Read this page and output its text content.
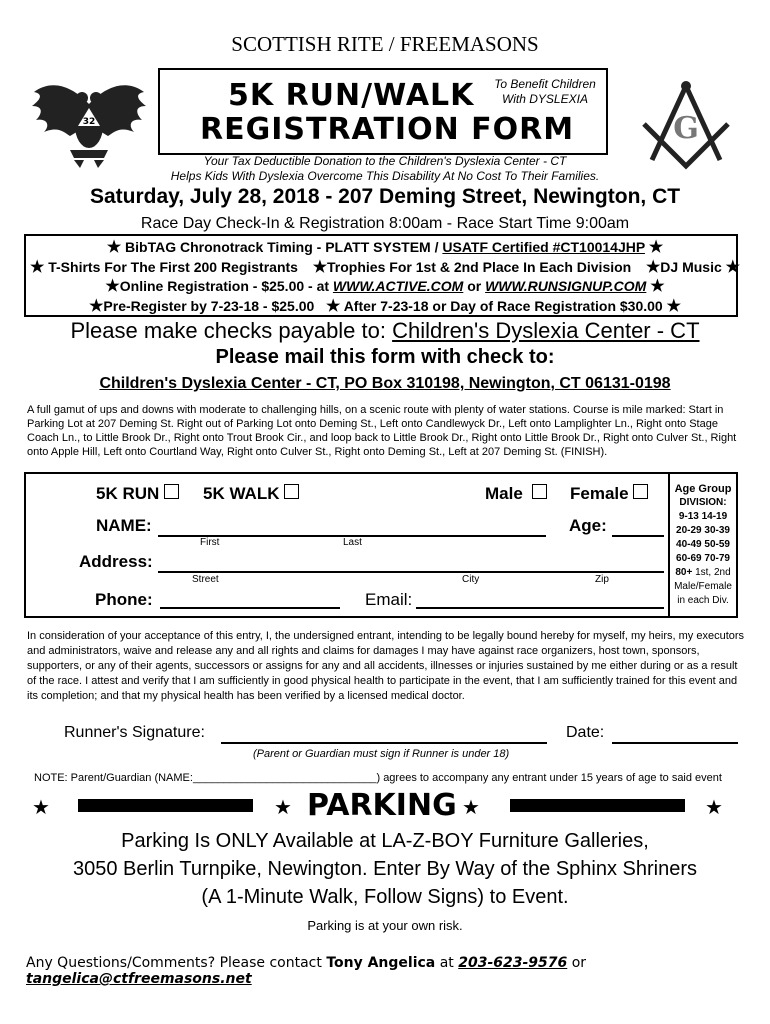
SCOTTISH RITE / FREEMASONS
32	G
5K RUN/WALK
REGISTRATION FORM
To Benefit Children
With DYSLEXIA
Your Tax Deductible Donation to the Children's Dyslexia Center - CT
Helps Kids With Dyslexia Overcome This Disability At No Cost To Their Families.
Saturday, July 28, 2018 - 207 Deming Street, Newington, CT
Race Day Check-In & Registration 8:00am - Race Start Time 9:00am
★ BibTAG Chronotrack Timing - PLATT SYSTEM / USATF Certified #CT10014JHP ★
★ T-Shirts For The First 200 Registrants ★Trophies For 1st & 2nd Place In Each Division ★DJ Music ★
★Online Registration - $25.00 - at WWW.ACTIVE.COM or WWW.RUNSIGNUP.COM ★
★Pre-Register by 7-23-18 - $25.00 ★ After 7-23-18 or Day of Race Registration $30.00 ★
Please make checks payable to: Children's Dyslexia Center - CT
Please mail this form with check to:
Children's Dyslexia Center - CT, PO Box 310198, Newington, CT 06131-0198
A full gamut of ups and downs with moderate to challenging hills, on a scenic route with plenty of water stations. Course is mile marked: Start in Parking Lot at 207 Deming St. Right out of Parking Lot onto Deming St., Left onto Candlewyck Dr., Left onto Lamplighter Ln., Right onto Stage Coach Ln., to Little Brook Dr., Right onto Trout Brook Cir., and loop back to Little Brook Dr., Right onto Little Brook Dr., Right onto Culver St., Right onto Apple Hill, Left onto Courtland Way, Right onto Culver St., Right onto Deming St., Left at 207 Deming St. (FINISH).
5K RUN	5K WALK	Male	Female
NAME:
First	Last
Age:
Address:
Street	City	Zip
Phone:	Email:
Age Group
DIVISION:
9-13 14-19
20-29 30-39
40-49 50-59
60-69 70-79
80+ 1st, 2nd
Male/Female
in each Div.
In consideration of your acceptance of this entry, I, the undersigned entrant, intending to be legally bound hereby for myself, my heirs, my executors and administrators, waive and release any and all rights and claims for damages I may have against race organizers, host town, sponsors, supporters, or any of their agents, successors or assigns for any and all accidents, illnesses or injuries sustained by me either during or as a result of the race. I attest and verify that I am sufficiently in good physical health to participate in the event, that I am sufficiently trained for this event and its completion; and that my physical health has been verified by a licensed medical doctor.
Runner's Signature:	Date:
(Parent or Guardian must sign if Runner is under 18)
NOTE: Parent/Guardian (NAME:______________________________) agrees to accompany any entrant under 15 years of age to said event
★	★ PARKING ★	★
Parking Is ONLY Available at LA-Z-BOY Furniture Galleries,
3050 Berlin Turnpike, Newington. Enter By Way of the Sphinx Shriners
(A 1-Minute Walk, Follow Signs) to Event.
Parking is at your own risk.
Any Questions/Comments? Please contact Tony Angelica at 203-623-9576 or tangelica@ctfreemasons.net
